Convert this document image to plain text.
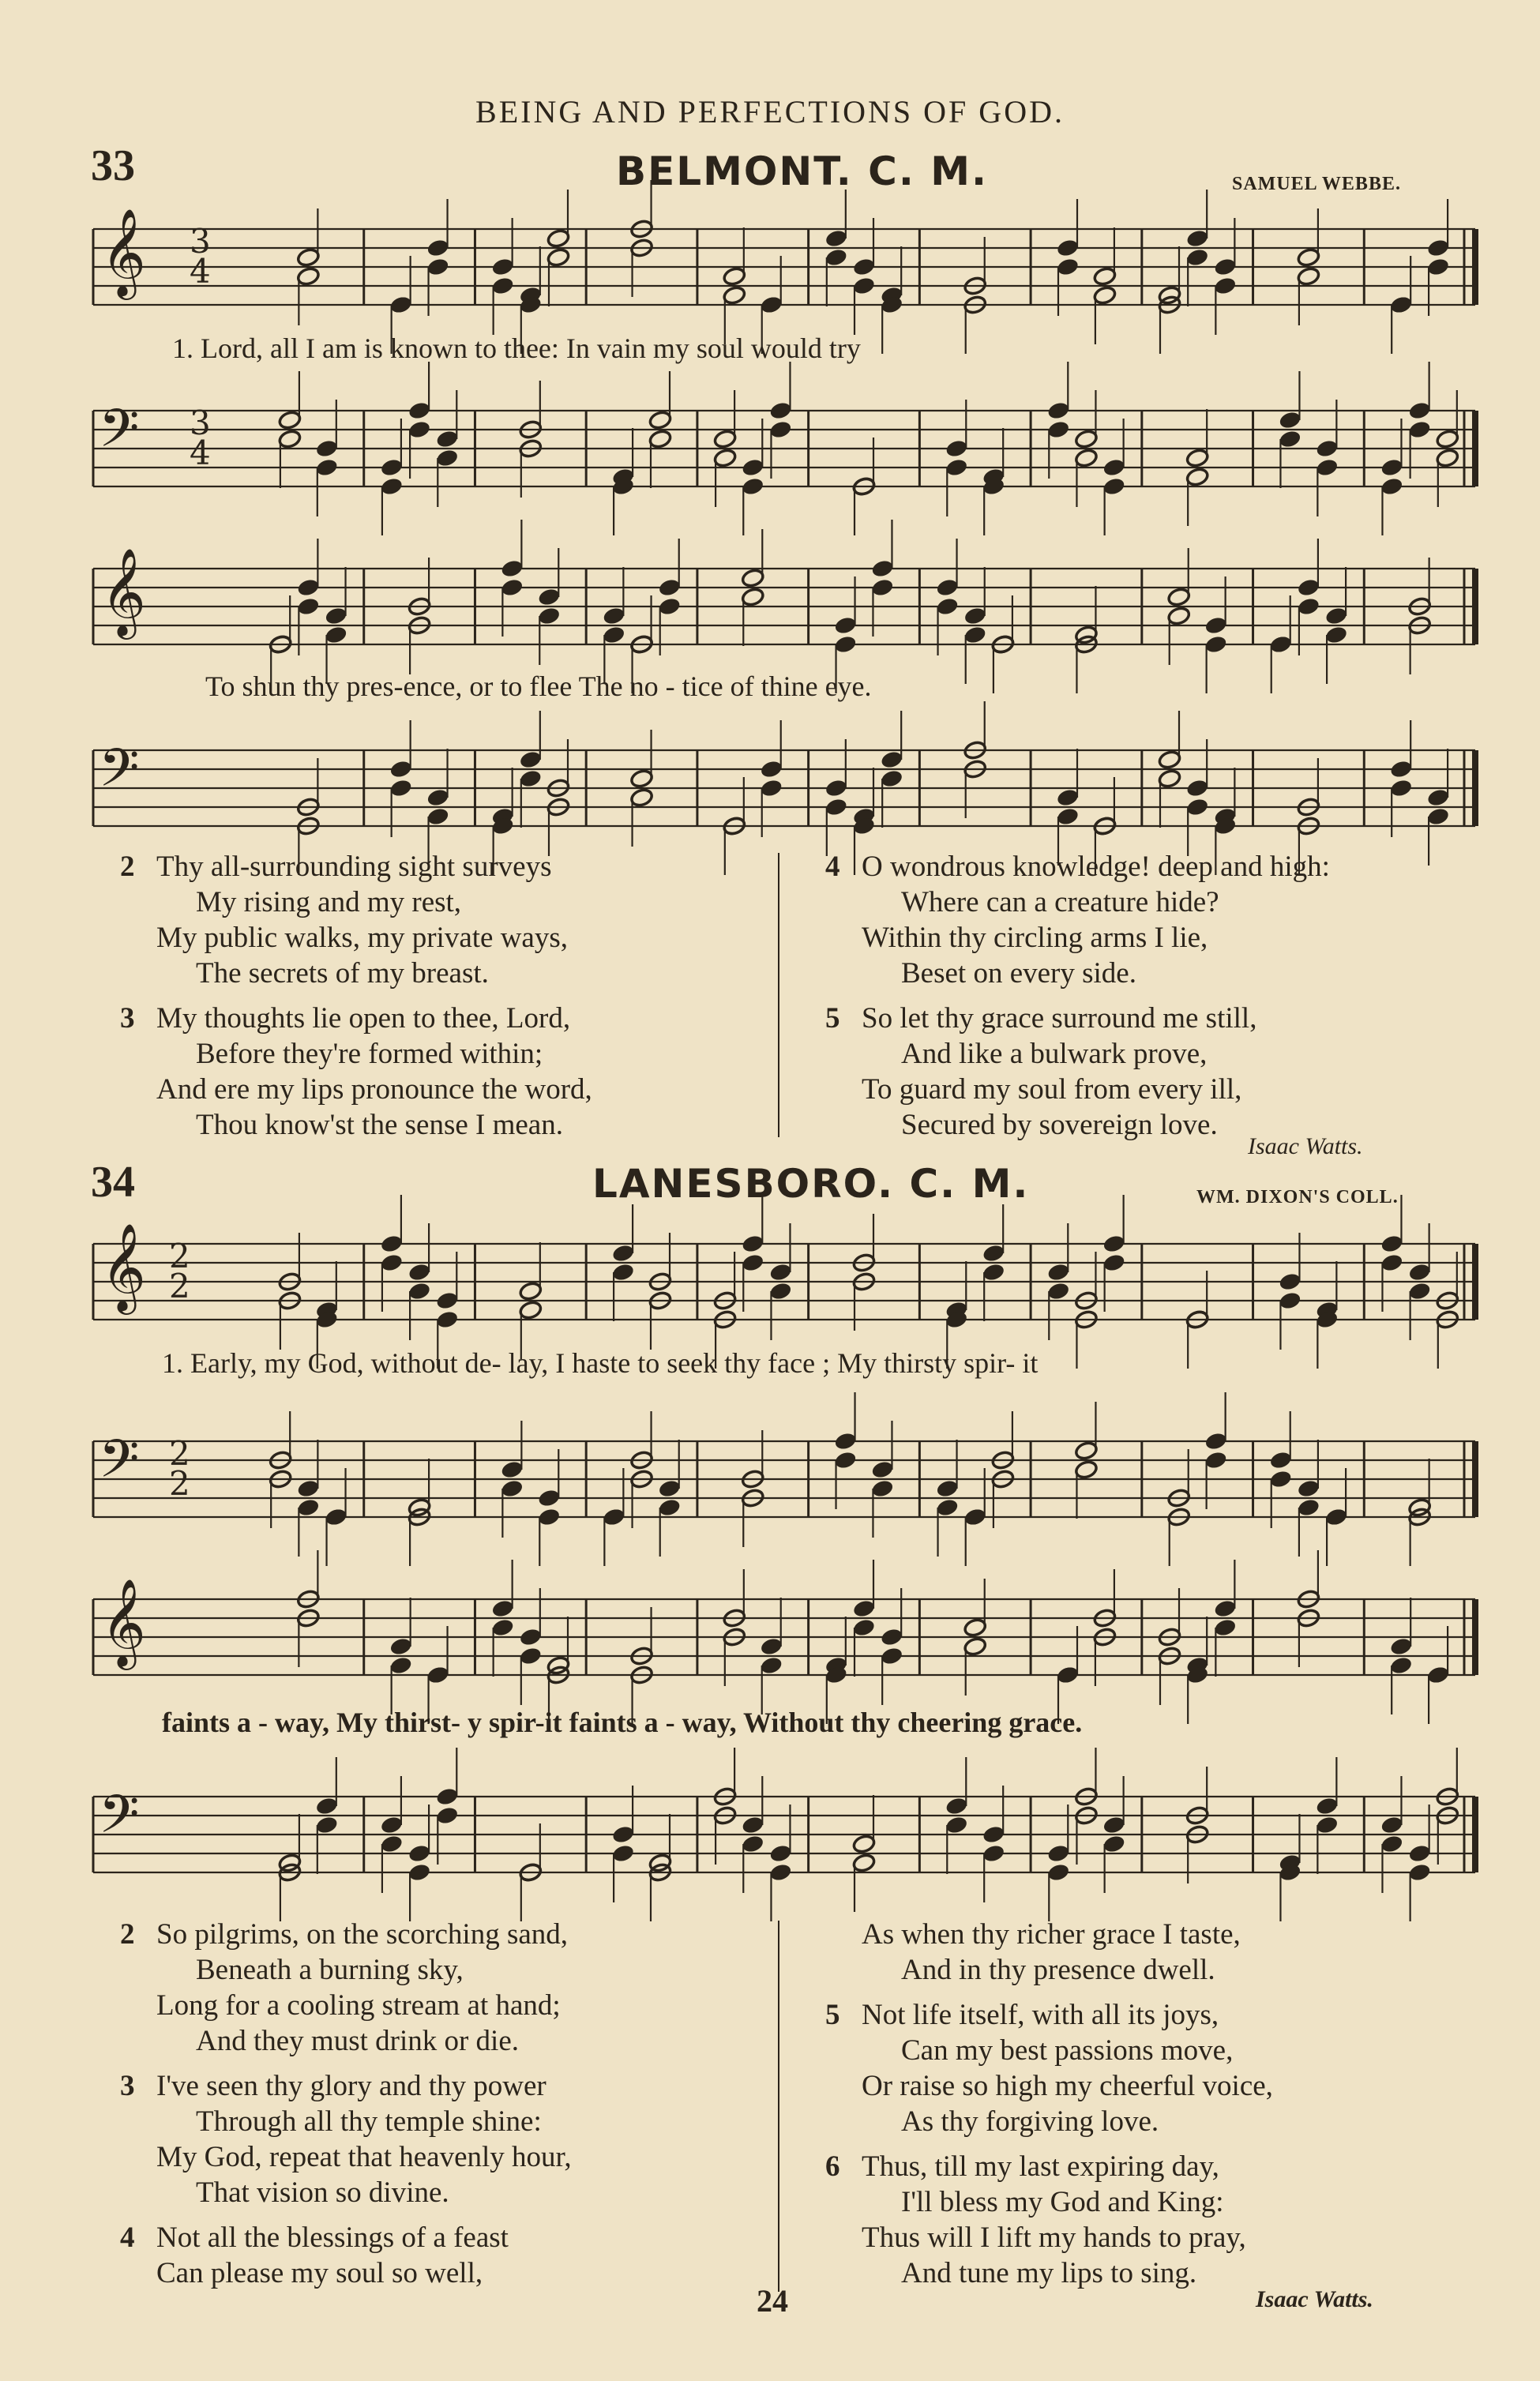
BEING AND PERFECTIONS OF GOD.
33	BELMONT. C. M.	SAMUEL WEBBE.
𝄞 3
4
𝄢 3
4
1. Lord, all I am is known to thee: In vain my soul would try
𝄞
𝄢
To shun thy pres-ence, or to flee The no - tice of thine eye.
2 Thy all-surrounding sight surveys
My rising and my rest,
My public walks, my private ways,
The secrets of my breast.
3 My thoughts lie open to thee, Lord,
Before they're formed within;
And ere my lips pronounce the word,
Thou know'st the sense I mean.
4 O wondrous knowledge! deep and high:
Where can a creature hide?
Within thy circling arms I lie,
Beset on every side.
5 So let thy grace surround me still,
And like a bulwark prove,
To guard my soul from every ill,
Secured by sovereign love.
Isaac Watts.
34	LANESBORO. C. M.	WM. DIXON'S COLL.
𝄞 2
2
𝄢 2
2
1. Early, my God, without de- lay, I haste to seek thy face ; My thirsty spir- it
𝄞
𝄢
faints a - way, My thirst- y spir-it faints a - way, Without thy cheering grace.
2 So pilgrims, on the scorching sand,
Beneath a burning sky,
Long for a cooling stream at hand;
And they must drink or die.
3 I've seen thy glory and thy power
Through all thy temple shine:
My God, repeat that heavenly hour,
That vision so divine.
4 Not all the blessings of a feast
Can please my soul so well,
As when thy richer grace I taste,
And in thy presence dwell.
5 Not life itself, with all its joys,
Can my best passions move,
Or raise so high my cheerful voice,
As thy forgiving love.
6 Thus, till my last expiring day,
I'll bless my God and King:
Thus will I lift my hands to pray,
And tune my lips to sing.
Isaac Watts.
24
